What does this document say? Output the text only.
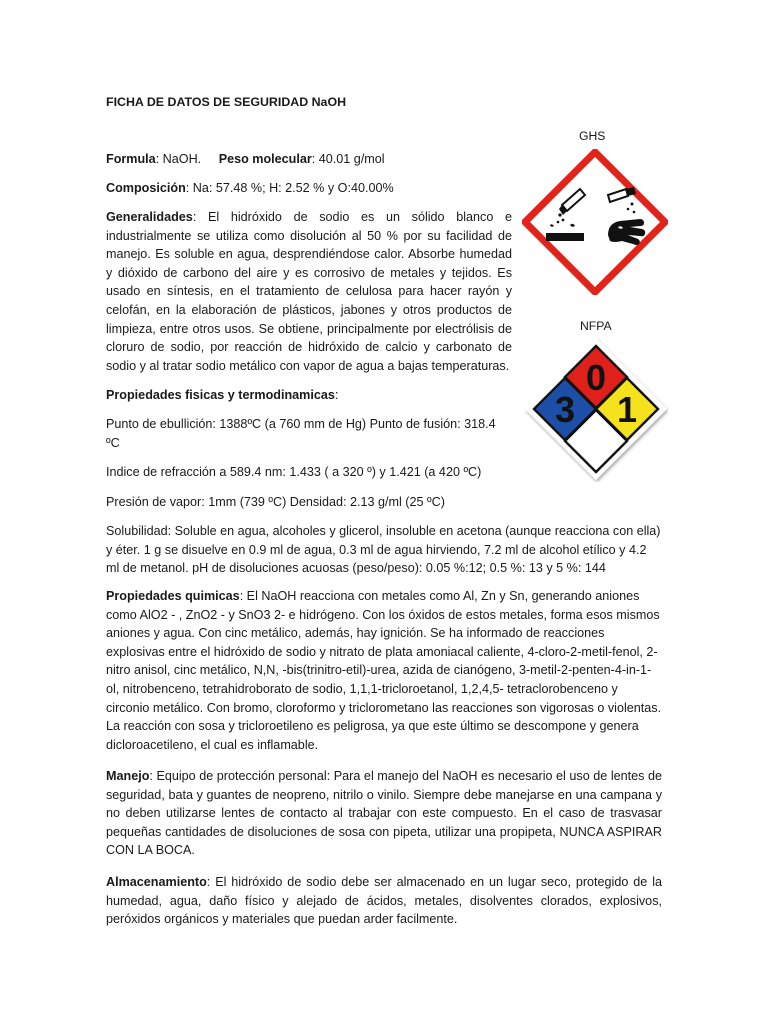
FICHA DE DATOS DE SEGURIDAD NaOH

Formula: NaOH. Peso molecular: 40.01 g/mol

Composición: Na: 57.48 %; H: 2.52 % y O:40.00%

Generalidades: El hidróxido de sodio es un sólido blanco e industrialmente se utiliza como disolución al 50 % por su facilidad de manejo. Es soluble en agua, desprendiéndose calor. Absorbe humedad y dióxido de carbono del aire y es corrosivo de metales y tejidos. Es usado en síntesis, en el tratamiento de celulosa para hacer rayón y celofán, en la elaboración de plásticos, jabones y otros productos de limpieza, entre otros usos. Se obtiene, principalmente por electrólisis de cloruro de sodio, por reacción de hidróxido de calcio y carbonato de sodio y al tratar sodio metálico con vapor de agua a bajas temperaturas.

Propiedades fisicas y termodinamicas:

Punto de ebullición: 1388ºC (a 760 mm de Hg) Punto de fusión: 318.4 ºC

Indice de refracción a 589.4 nm: 1.433 ( a 320 º) y 1.421 (a 420 ºC)

Presión de vapor: 1mm (739 ºC) Densidad: 2.13 g/ml (25 ºC)

Solubilidad: Soluble en agua, alcoholes y glicerol, insoluble en acetona (aunque reacciona con ella) y éter. 1 g se disuelve en 0.9 ml de agua, 0.3 ml de agua hirviendo, 7.2 ml de alcohol etílico y 4.2 ml de metanol. pH de disoluciones acuosas (peso/peso): 0.05 %:12; 0.5 %: 13 y 5 %: 144

Propiedades quimicas: El NaOH reacciona con metales como Al, Zn y Sn, generando aniones como AlO2 - , ZnO2 - y SnO3 2- e hidrógeno. Con los óxidos de estos metales, forma esos mismos aniones y agua. Con cinc metálico, además, hay ignición. Se ha informado de reacciones explosivas entre el hidróxido de sodio y nitrato de plata amoniacal caliente, 4-cloro-2-metil-fenol, 2-nitro anisol, cinc metálico, N,N, -bis(trinitro-etil)-urea, azida de cianógeno, 3-metil-2-penten-4-in-1-ol, nitrobenceno, tetrahidroborato de sodio, 1,1,1-tricloroetanol, 1,2,4,5- tetraclorobenceno y circonio metálico. Con bromo, cloroformo y triclorometano las reacciones son vigorosas o violentas. La reacción con sosa y tricloroetileno es peligrosa, ya que este último se descompone y genera dicloroacetileno, el cual es inflamable.

Manejo: Equipo de protección personal: Para el manejo del NaOH es necesario el uso de lentes de seguridad, bata y guantes de neopreno, nitrilo o vinilo. Siempre debe manejarse en una campana y no deben utilizarse lentes de contacto al trabajar con este compuesto. En el caso de trasvasar pequeñas cantidades de disoluciones de sosa con pipeta, utilizar una propipeta, NUNCA ASPIRAR CON LA BOCA.

Almacenamiento: El hidróxido de sodio debe ser almacenado en un lugar seco, protegido de la humedad, agua, daño físico y alejado de ácidos, metales, disolventes clorados, explosivos, peróxidos orgánicos y materiales que puedan arder facilmente.

GHS
NFPA
0
3 1
